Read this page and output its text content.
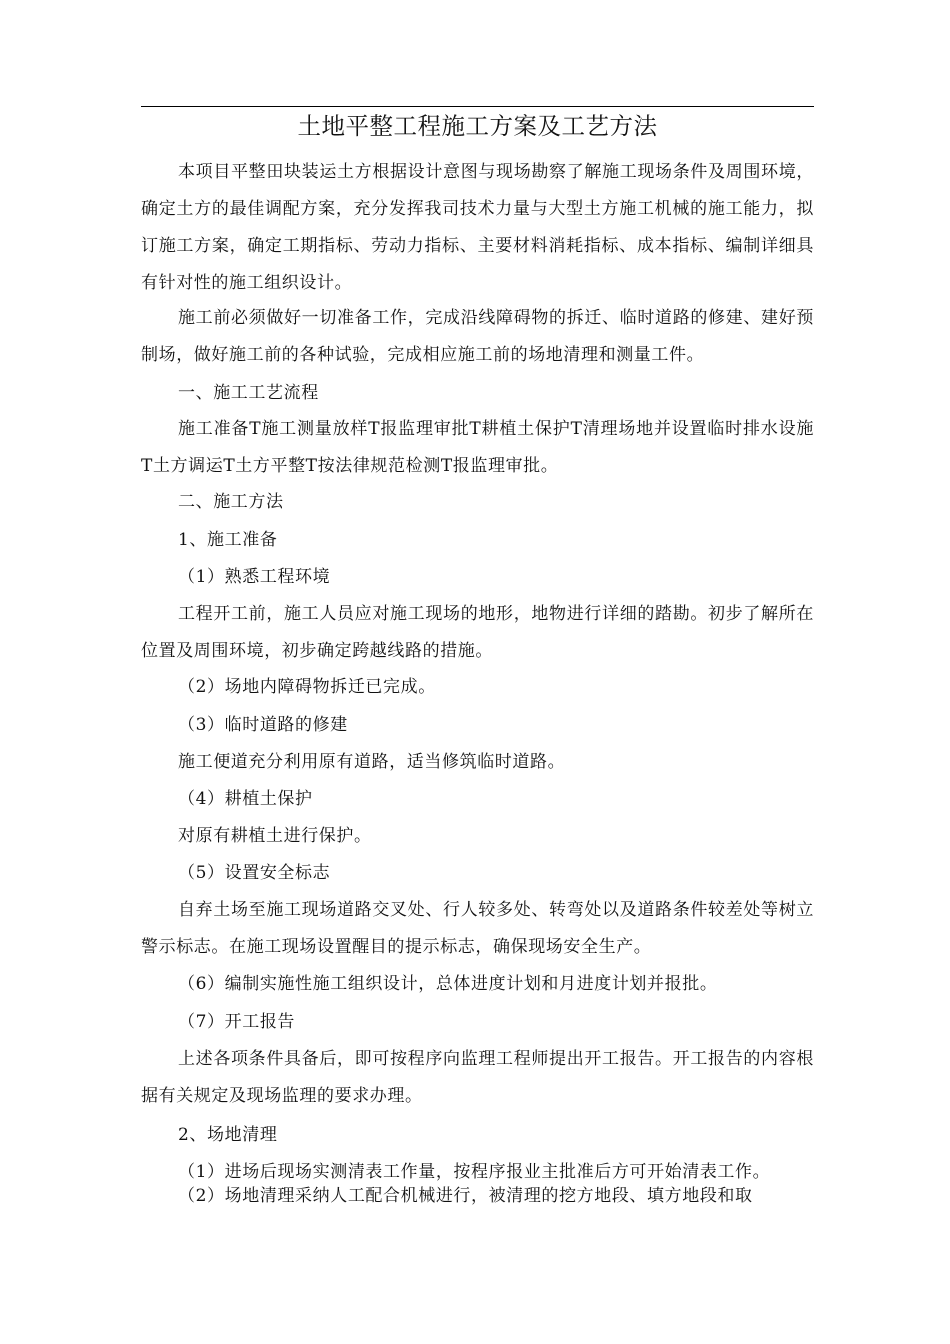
土地平整工程施工方案及工艺方法

本项目平整田块装运土方根据设计意图与现场勘察了解施工现场条件及周围环境，确定土方的最佳调配方案，充分发挥我司技术力量与大型土方施工机械的施工能力，拟订施工方案，确定工期指标、劳动力指标、主要材料消耗指标、成本指标、编制详细具有针对性的施工组织设计。

施工前必须做好一切准备工作，完成沿线障碍物的拆迁、临时道路的修建、建好预制场，做好施工前的各种试验，完成相应施工前的场地清理和测量工件。

一、施工工艺流程

施工准备T施工测量放样T报监理审批T耕植土保护T清理场地并设置临时排水设施T土方调运T土方平整T按法律规范检测T报监理审批。

二、施工方法

1、施工准备

（1）熟悉工程环境

工程开工前，施工人员应对施工现场的地形，地物进行详细的踏勘。初步了解所在位置及周围环境，初步确定跨越线路的措施。

（2）场地内障碍物拆迁已完成。

（3）临时道路的修建

施工便道充分利用原有道路，适当修筑临时道路。

（4）耕植土保护

对原有耕植土进行保护。

（5）设置安全标志

自弃土场至施工现场道路交叉处、行人较多处、转弯处以及道路条件较差处等树立警示标志。在施工现场设置醒目的提示标志，确保现场安全生产。

（6）编制实施性施工组织设计，总体进度计划和月进度计划并报批。

（7）开工报告

上述各项条件具备后，即可按程序向监理工程师提出开工报告。开工报告的内容根据有关规定及现场监理的要求办理。

2、场地清理

（1）进场后现场实测清表工作量，按程序报业主批准后方可开始清表工作。

（2）场地清理采纳人工配合机械进行，被清理的挖方地段、填方地段和取
